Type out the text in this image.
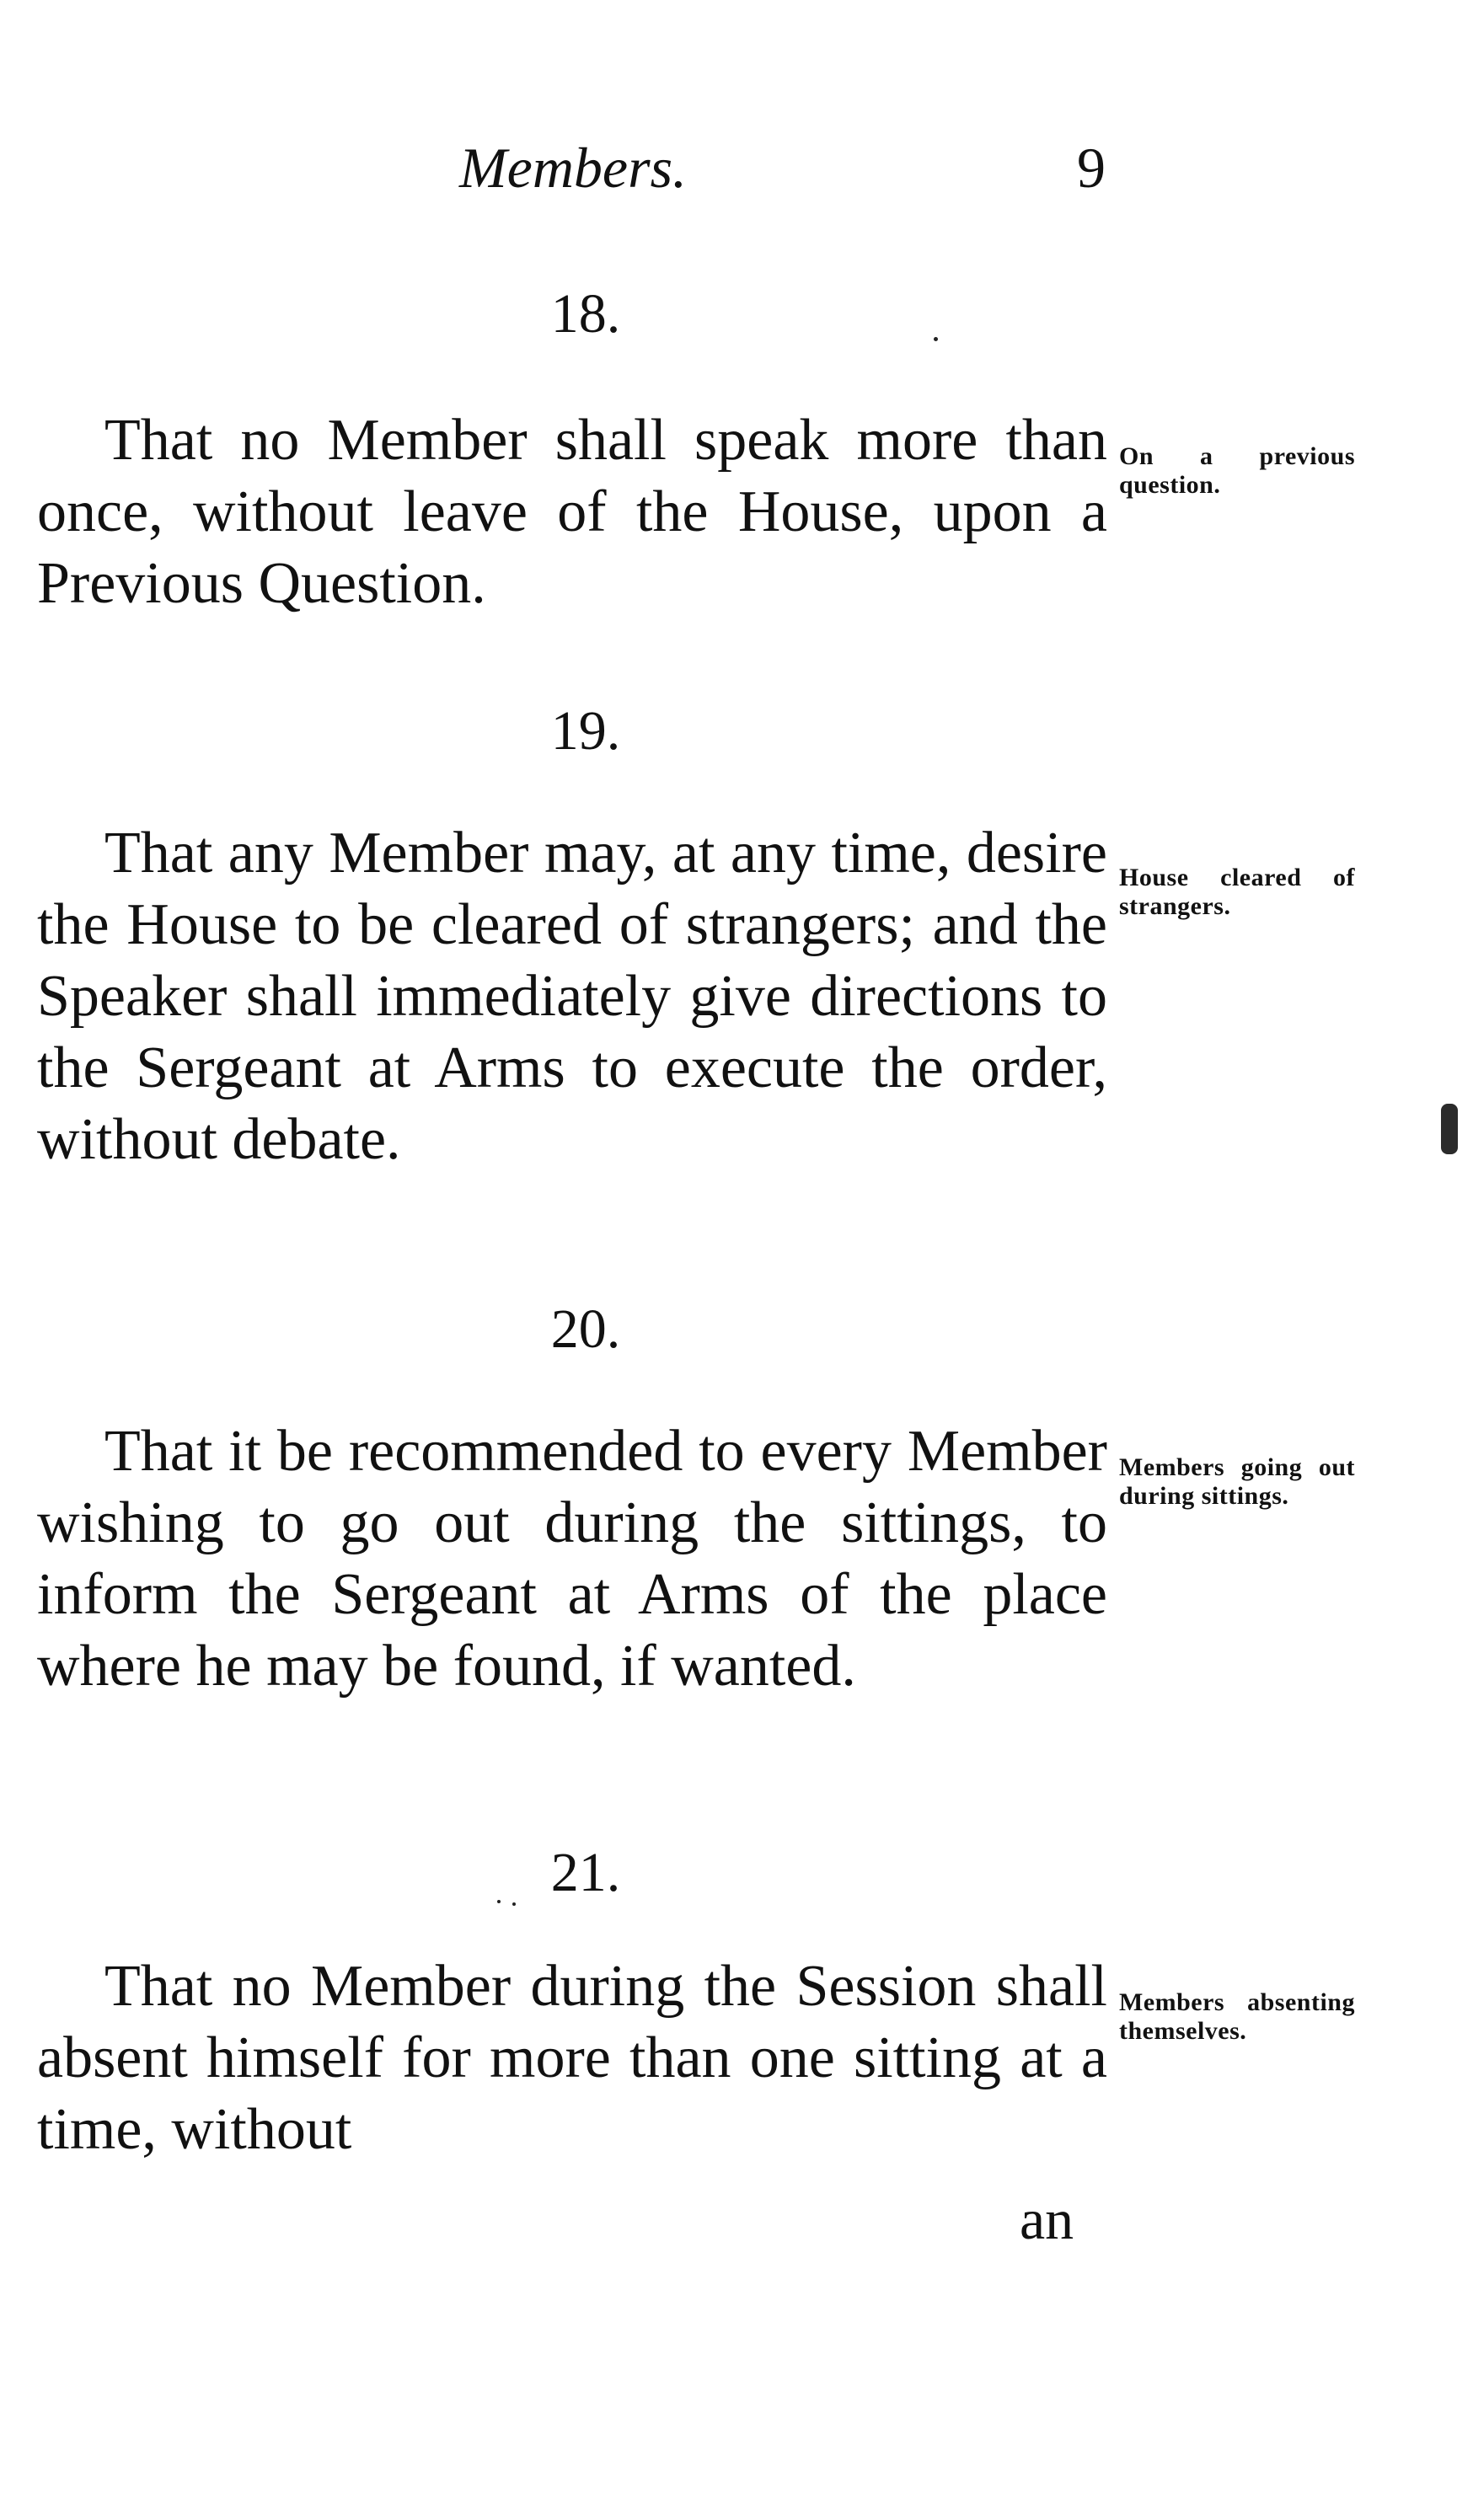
Members.	9
18.
That no Member shall speak more than once, without leave of the House, upon a Previous Question.
On a previous question.
19.
That any Member may, at any time, desire the House to be cleared of strangers; and the Speaker shall immediately give directions to the Sergeant at Arms to execute the order, without debate.
House cleared of strangers.
20.
That it be recommended to every Member wishing to go out during the sittings, to inform the Sergeant at Arms of the place where he may be found, if wanted.
Members going out during sittings.
21.
That no Member during the Session shall absent himself for more than one sitting at a time, without
Members absenting themselves.
an
